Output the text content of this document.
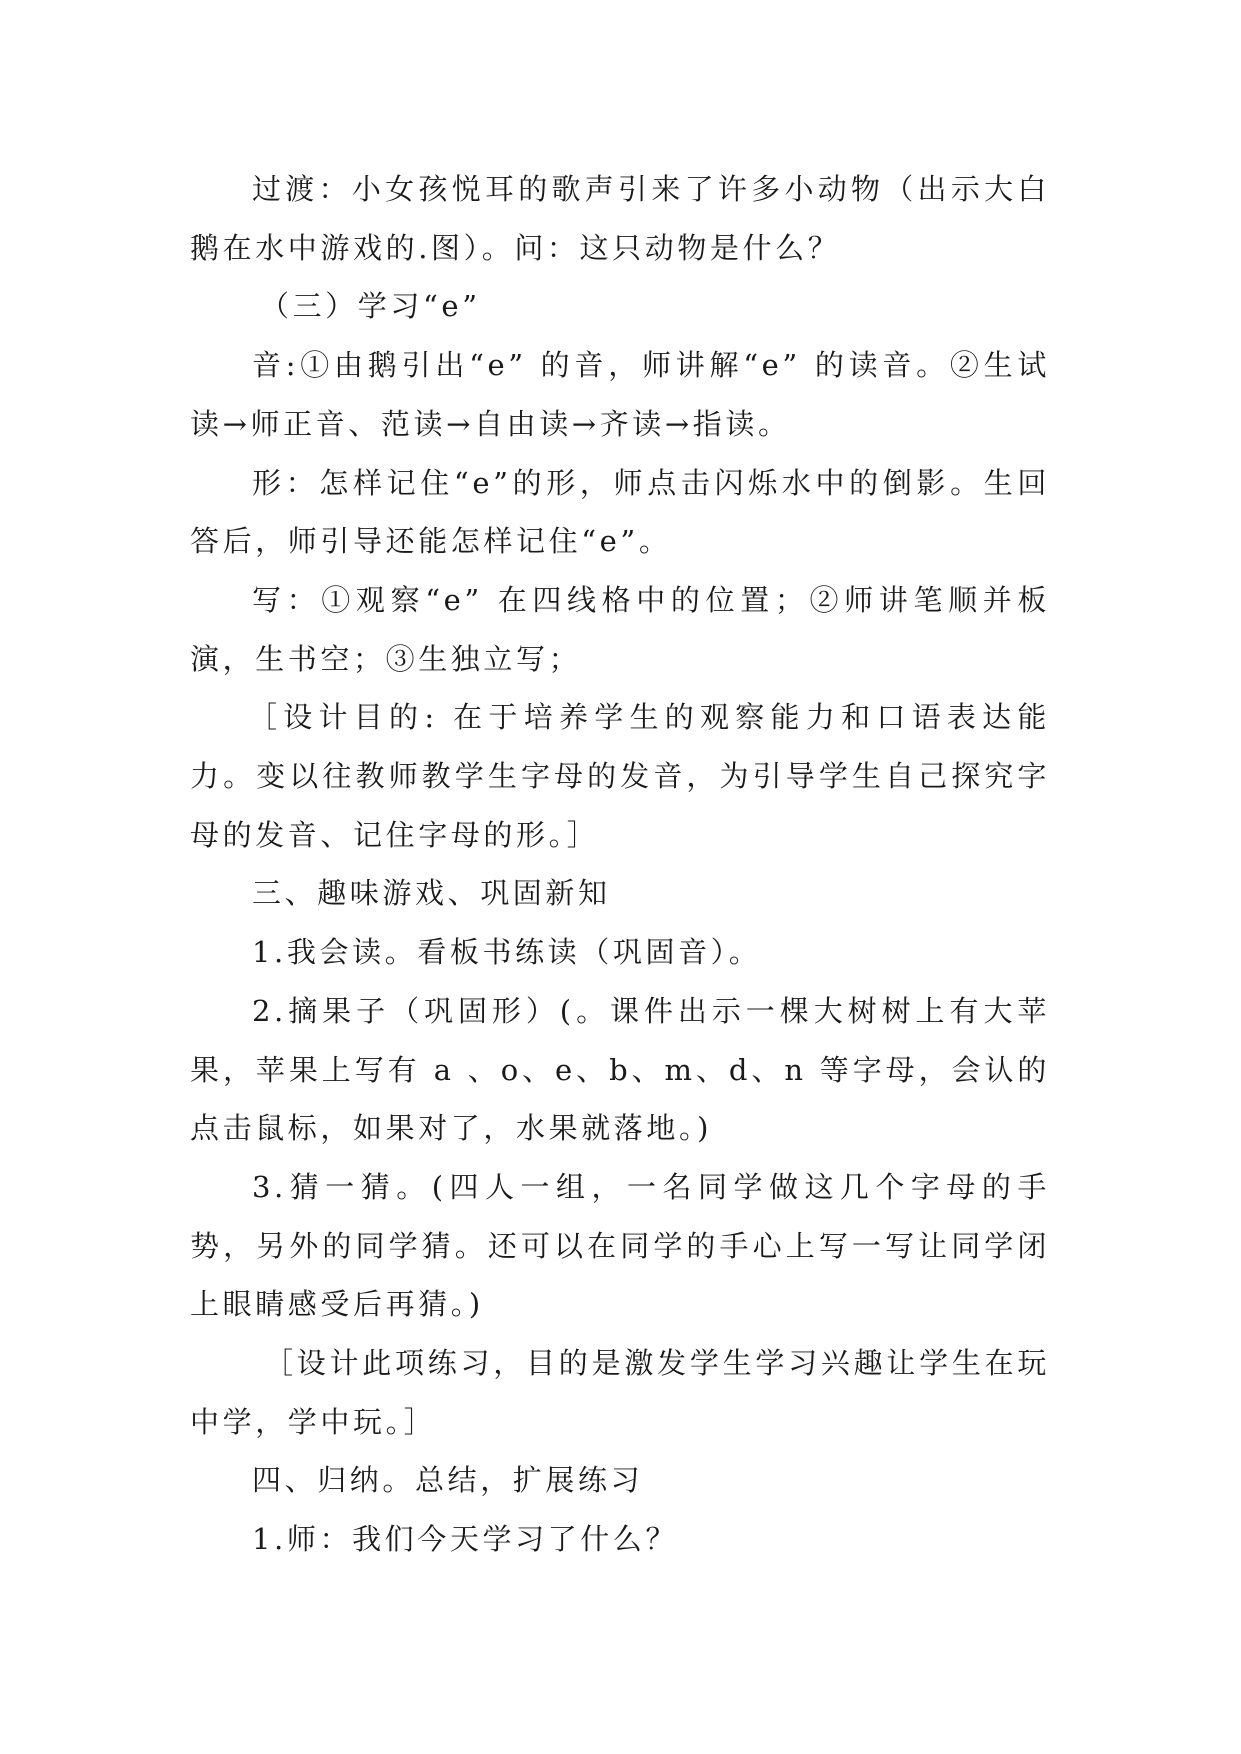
过渡：小女孩悦耳的歌声引来了许多小动物（出示大白鹅在水中游戏的.图）。问：这只动物是什么？

（三）学习“e”

音:①由鹅引出“e” 的音，师讲解“e” 的读音。②生试读→师正音、范读→自由读→齐读→指读。

形：怎样记住“e”的形，师点击闪烁水中的倒影。生回答后，师引导还能怎样记住“e”。

写：①观察“e” 在四线格中的位置；②师讲笔顺并板演，生书空；③生独立写；

［设计目的: 在于培养学生的观察能力和口语表达能力。变以往教师教学生字母的发音，为引导学生自己探究字母的发音、记住字母的形。］

三、趣味游戏、巩固新知

1.我会读。看板书练读（巩固音）。

2.摘果子（巩固形）(。课件出示一棵大树树上有大苹果，苹果上写有 a 、o、e、b、m、d、n 等字母，会认的点击鼠标，如果对了，水果就落地。)

3.猜一猜。(四人一组，一名同学做这几个字母的手势，另外的同学猜。还可以在同学的手心上写一写让同学闭上眼睛感受后再猜。)

［设计此项练习，目的是激发学生学习兴趣让学生在玩中学，学中玩。］

四、归纳。总结，扩展练习

1.师：我们今天学习了什么？
